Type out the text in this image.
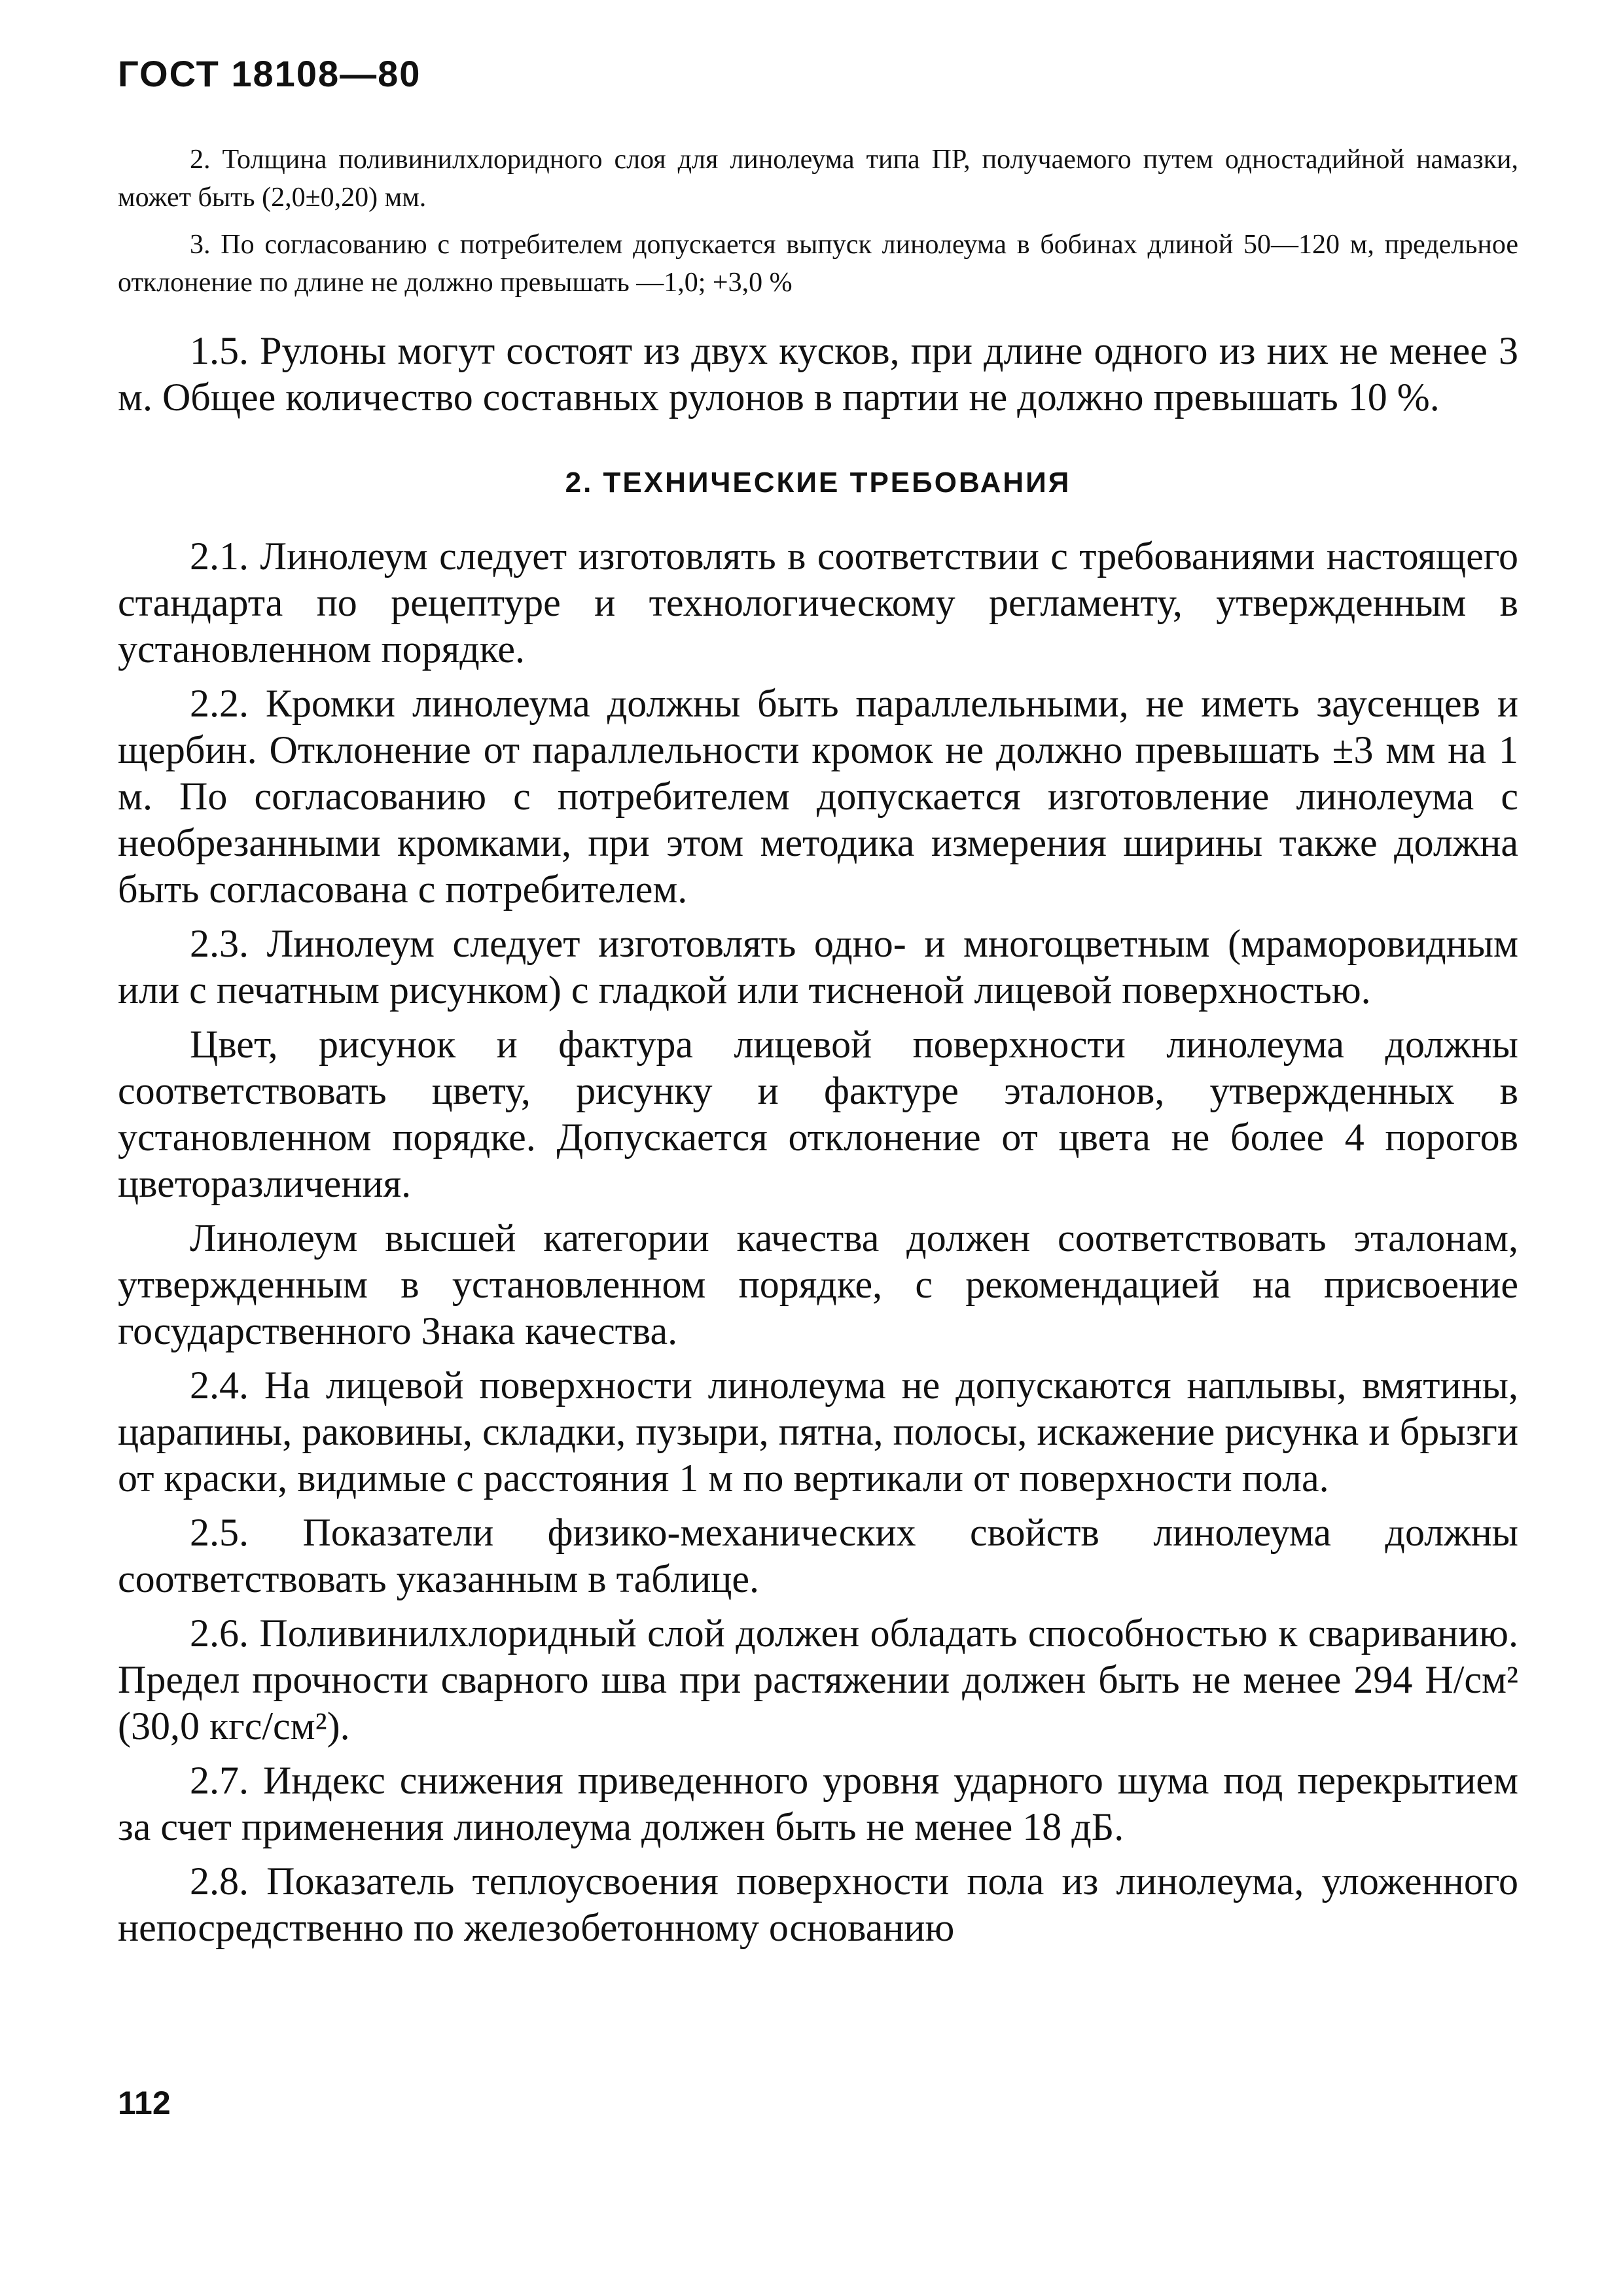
ГОСТ 18108—80

2. Толщина поливинилхлоридного слоя для линолеума типа ПР, получаемого путем одностадийной намазки, может быть (2,0±0,20) мм.

3. По согласованию с потребителем допускается выпуск линолеума в бобинах длиной 50—120 м, предельное отклонение по длине не должно превышать —1,0; +3,0 %

1.5. Рулоны могут состоят из двух кусков, при длине одного из них не менее 3 м. Общее количество составных рулонов в партии не должно превышать 10 %.

2. ТЕХНИЧЕСКИЕ ТРЕБОВАНИЯ

2.1. Линолеум следует изготовлять в соответствии с требованиями настоящего стандарта по рецептуре и технологическому регламенту, утвержденным в установленном порядке.

2.2. Кромки линолеума должны быть параллельными, не иметь заусенцев и щербин. Отклонение от параллельности кромок не должно превышать ±3 мм на 1 м. По согласованию с потребителем допускается изготовление линолеума с необрезанными кромками, при этом методика измерения ширины также должна быть согласована с потребителем.

2.3. Линолеум следует изготовлять одно- и многоцветным (мраморовидным или с печатным рисунком) с гладкой или тисненой лицевой поверхностью.

Цвет, рисунок и фактура лицевой поверхности линолеума должны соответствовать цвету, рисунку и фактуре эталонов, утвержденных в установленном порядке. Допускается отклонение от цвета не более 4 порогов цветоразличения.

Линолеум высшей категории качества должен соответствовать эталонам, утвержденным в установленном порядке, с рекомендацией на присвоение государственного Знака качества.

2.4. На лицевой поверхности линолеума не допускаются наплывы, вмятины, царапины, раковины, складки, пузыри, пятна, полосы, искажение рисунка и брызги от краски, видимые с расстояния 1 м по вертикали от поверхности пола.

2.5. Показатели физико-механических свойств линолеума должны соответствовать указанным в таблице.

2.6. Поливинилхлоридный слой должен обладать способностью к свариванию. Предел прочности сварного шва при растяжении должен быть не менее 294 Н/см² (30,0 кгс/см²).

2.7. Индекс снижения приведенного уровня ударного шума под перекрытием за счет применения линолеума должен быть не менее 18 дБ.

2.8. Показатель теплоусвоения поверхности пола из линолеума, уложенного непосредственно по железобетонному основанию

112
